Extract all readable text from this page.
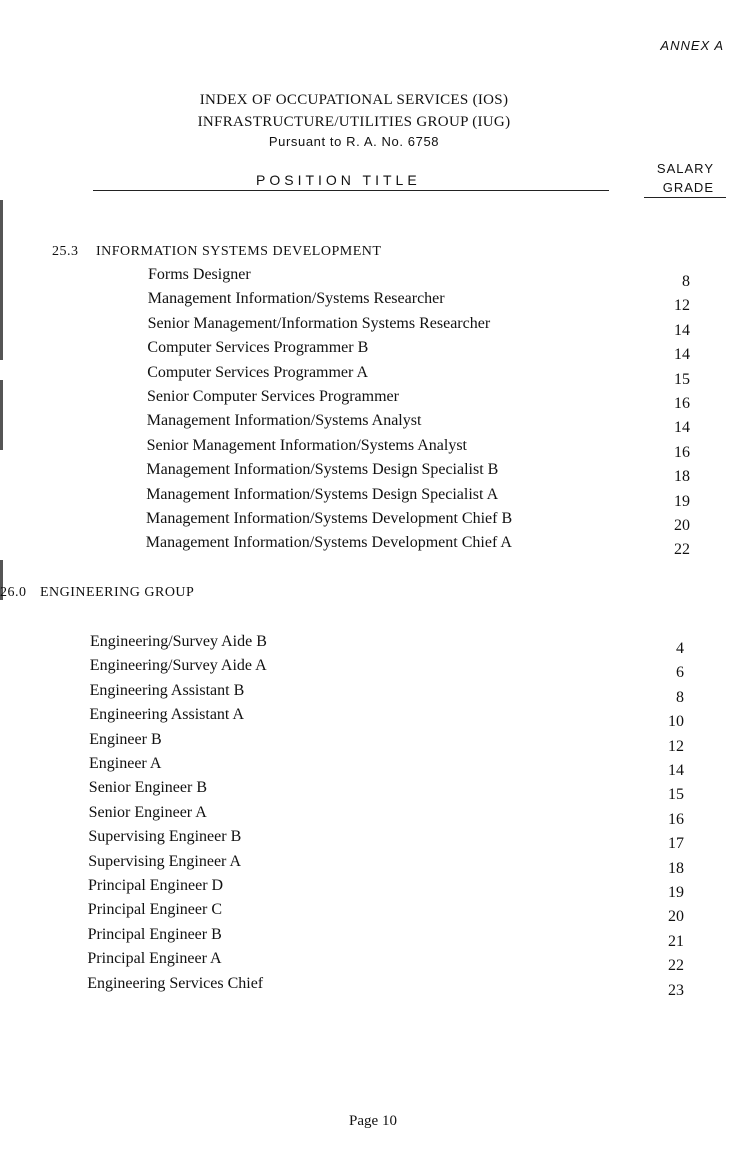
ANNEX A
INDEX OF OCCUPATIONAL SERVICES (IOS)
INFRASTRUCTURE/UTILITIES GROUP (IUG)
Pursuant to R. A. No. 6758
POSITION TITLE
SALARY
GRADE
25.3 INFORMATION SYSTEMS DEVELOPMENT
26.0 ENGINEERING GROUP
Forms Designer	8
Management Information/Systems Researcher	12
Senior Management/Information Systems Researcher	14
Computer Services Programmer B	14
Computer Services Programmer A	15
Senior Computer Services Programmer	16
Management Information/Systems Analyst	14
Senior Management Information/Systems Analyst	16
Management Information/Systems Design Specialist B	18
Management Information/Systems Design Specialist A	19
Management Information/Systems Development Chief B	20
Management Information/Systems Development Chief A	22
Engineering/Survey Aide B	4
Engineering/Survey Aide A	6
Engineering Assistant B	8
Engineering Assistant A	10
Engineer B	12
Engineer A	14
Senior Engineer B	15
Senior Engineer A	16
Supervising Engineer B	17
Supervising Engineer A	18
Principal Engineer D	19
Principal Engineer C	20
Principal Engineer B	21
Principal Engineer A	22
Engineering Services Chief	23
Page 10
